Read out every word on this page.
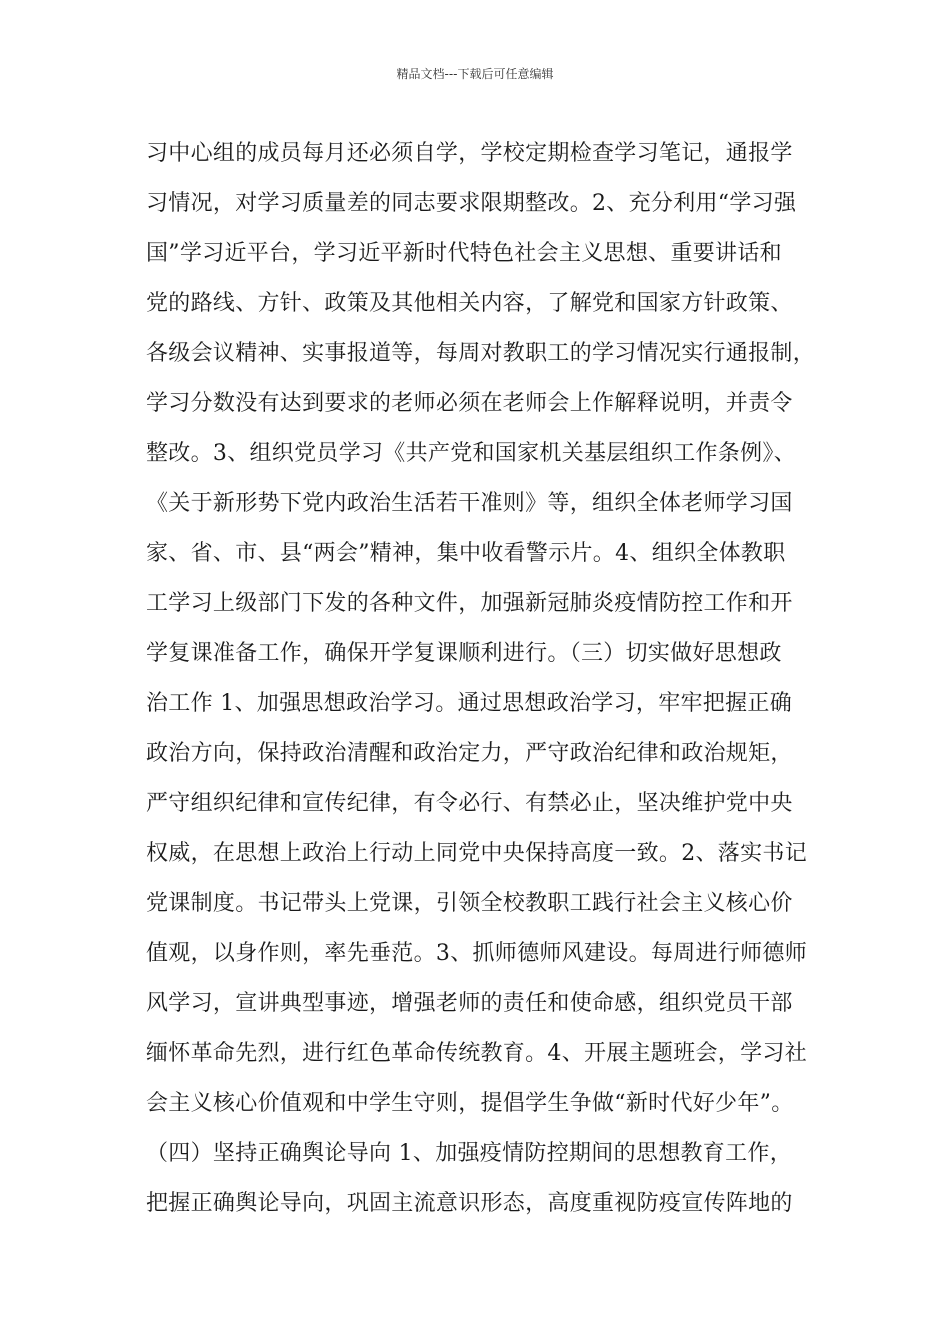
精品文档---下载后可任意编辑
习中心组的成员每月还必须自学，学校定期检查学习笔记，通报学
习情况，对学习质量差的同志要求限期整改。2、充分利用“学习强
国”学习近平台，学习近平新时代特色社会主义思想、重要讲话和
党的路线、方针、政策及其他相关内容，了解党和国家方针政策、
各级会议精神、实事报道等，每周对教职工的学习情况实行通报制，
学习分数没有达到要求的老师必须在老师会上作解释说明，并责令
整改。3、组织党员学习《共产党和国家机关基层组织工作条例》、
《关于新形势下党内政治生活若干准则》等，组织全体老师学习国
家、省、市、县“两会”精神，集中收看警示片。4、组织全体教职
工学习上级部门下发的各种文件，加强新冠肺炎疫情防控工作和开
学复课准备工作，确保开学复课顺利进行。（三）切实做好思想政
治工作 1、加强思想政治学习。通过思想政治学习，牢牢把握正确
政治方向，保持政治清醒和政治定力，严守政治纪律和政治规矩，
严守组织纪律和宣传纪律，有令必行、有禁必止，坚决维护党中央
权威，在思想上政治上行动上同党中央保持高度一致。2、落实书记
党课制度。书记带头上党课，引领全校教职工践行社会主义核心价
值观，以身作则，率先垂范。3、抓师德师风建设。每周进行师德师
风学习，宣讲典型事迹，增强老师的责任和使命感，组织党员干部
缅怀革命先烈，进行红色革命传统教育。4、开展主题班会，学习社
会主义核心价值观和中学生守则，提倡学生争做“新时代好少年”。
（四）坚持正确舆论导向 1、加强疫情防控期间的思想教育工作，
把握正确舆论导向，巩固主流意识形态，高度重视防疫宣传阵地的
